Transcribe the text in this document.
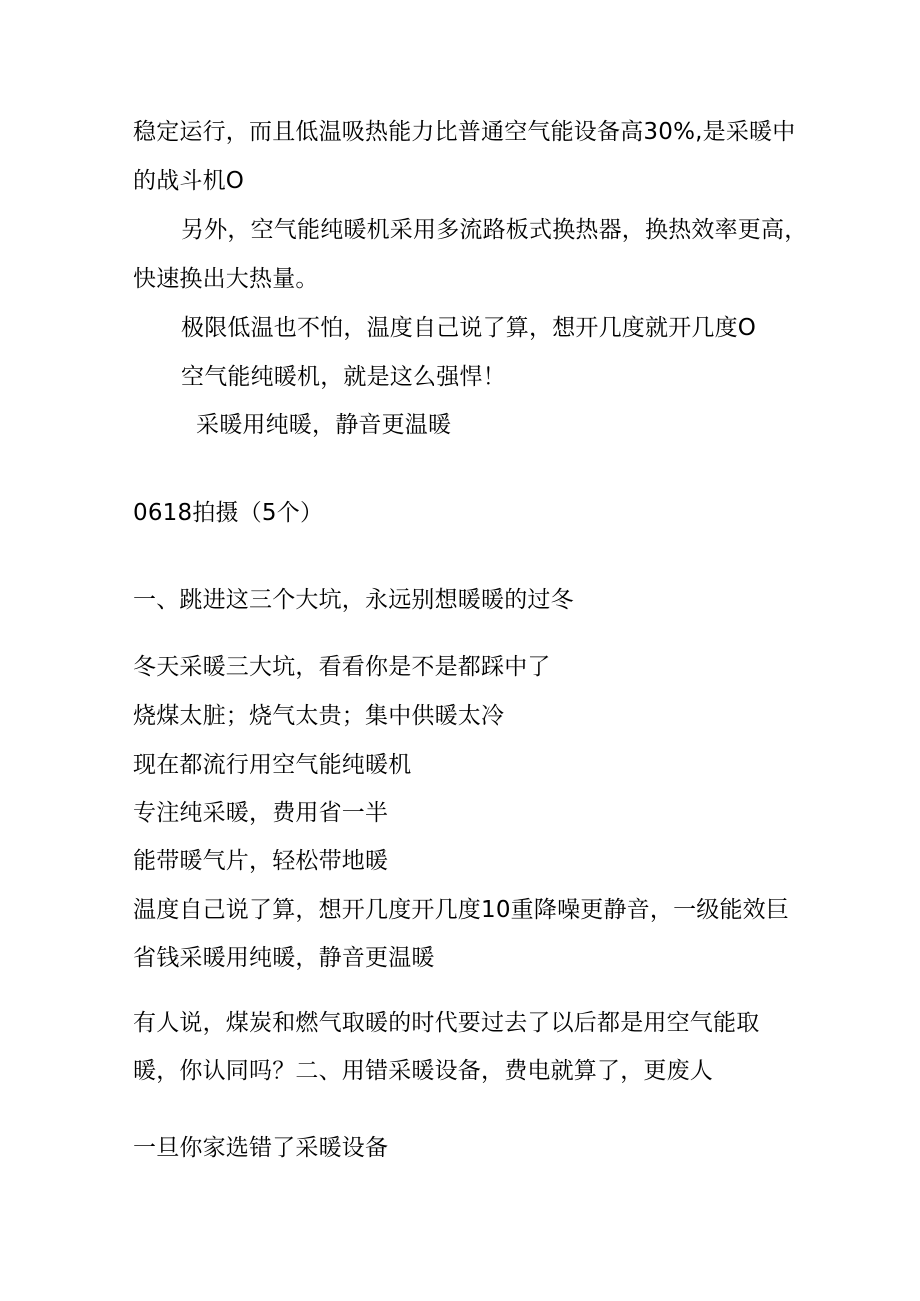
稳定运行，而且低温吸热能力比普通空气能设备高30%,是采暖中

的战斗机O

另外，空气能纯暖机采用多流路板式换热器，换热效率更高，

快速换出大热量。

极限低温也不怕，温度自己说了算，想开几度就开几度O

空气能纯暖机，就是这么强悍！

采暖用纯暖，静音更温暖

0618拍摄（5个）

一、跳进这三个大坑，永远别想暖暖的过冬

冬天采暖三大坑，看看你是不是都踩中了

烧煤太脏；烧气太贵；集中供暖太冷

现在都流行用空气能纯暖机

专注纯采暖，费用省一半

能带暖气片，轻松带地暖

温度自己说了算，想开几度开几度10重降噪更静音，一级能效巨

省钱采暖用纯暖，静音更温暖

有人说，煤炭和燃气取暖的时代要过去了以后都是用空气能取

暖，你认同吗？二、用错采暖设备，费电就算了，更废人

一旦你家选错了采暖设备
